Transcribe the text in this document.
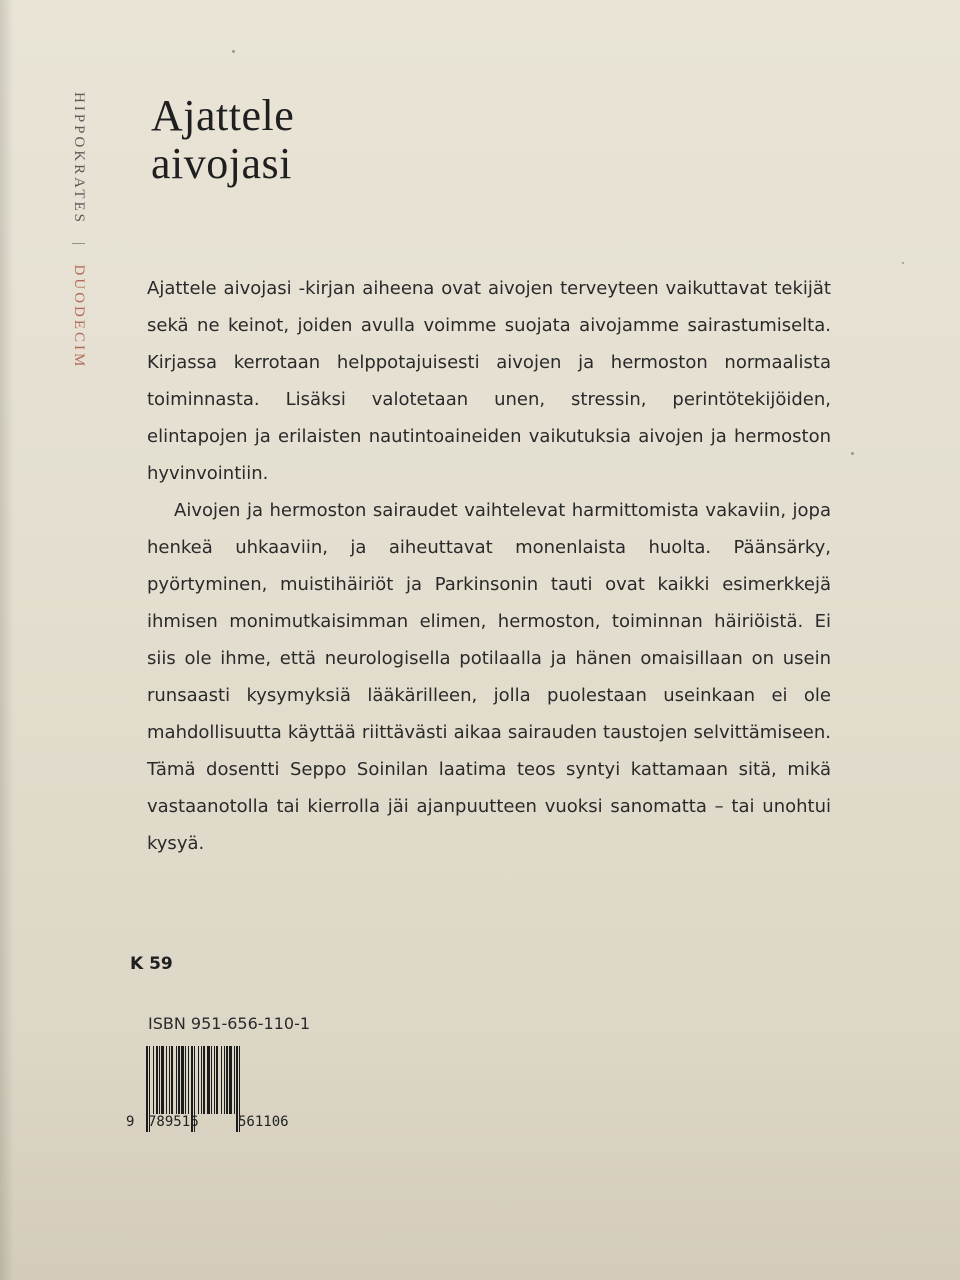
HIPPOKRATES | DUODECIM
Ajattele
aivojasi

Ajattele aivojasi -kirjan aiheena ovat aivojen terveyteen vaikuttavat tekijät sekä ne keinot, joiden avulla voimme suojata aivojamme sairastumiselta. Kirjassa kerrotaan helppotajuisesti aivojen ja hermoston normaalista toiminnasta. Lisäksi valotetaan unen, stressin, perintötekijöiden, elintapojen ja erilaisten nautintoaineiden vaikutuksia aivojen ja hermoston hyvinvointiin.

Aivojen ja hermoston sairaudet vaihtelevat harmittomista vakaviin, jopa henkeä uhkaaviin, ja aiheuttavat monenlaista huolta. Päänsärky, pyörtyminen, muistihäiriöt ja Parkinsonin tauti ovat kaikki esimerkkejä ihmisen monimutkaisimman elimen, hermoston, toiminnan häiriöistä. Ei siis ole ihme, että neurologisella potilaalla ja hänen omaisillaan on usein runsaasti kysymyksiä lääkärilleen, jolla puolestaan useinkaan ei ole mahdollisuutta käyttää riittävästi aikaa sairauden taustojen selvittämiseen. Tämä dosentti Seppo Soinilan laatima teos syntyi kattamaan sitä, mikä vastaanotolla tai kierrolla jäi ajanpuutteen vuoksi sanomatta – tai unohtui kysyä.

K 59
ISBN 951-656-110-1
9 789516	561106
